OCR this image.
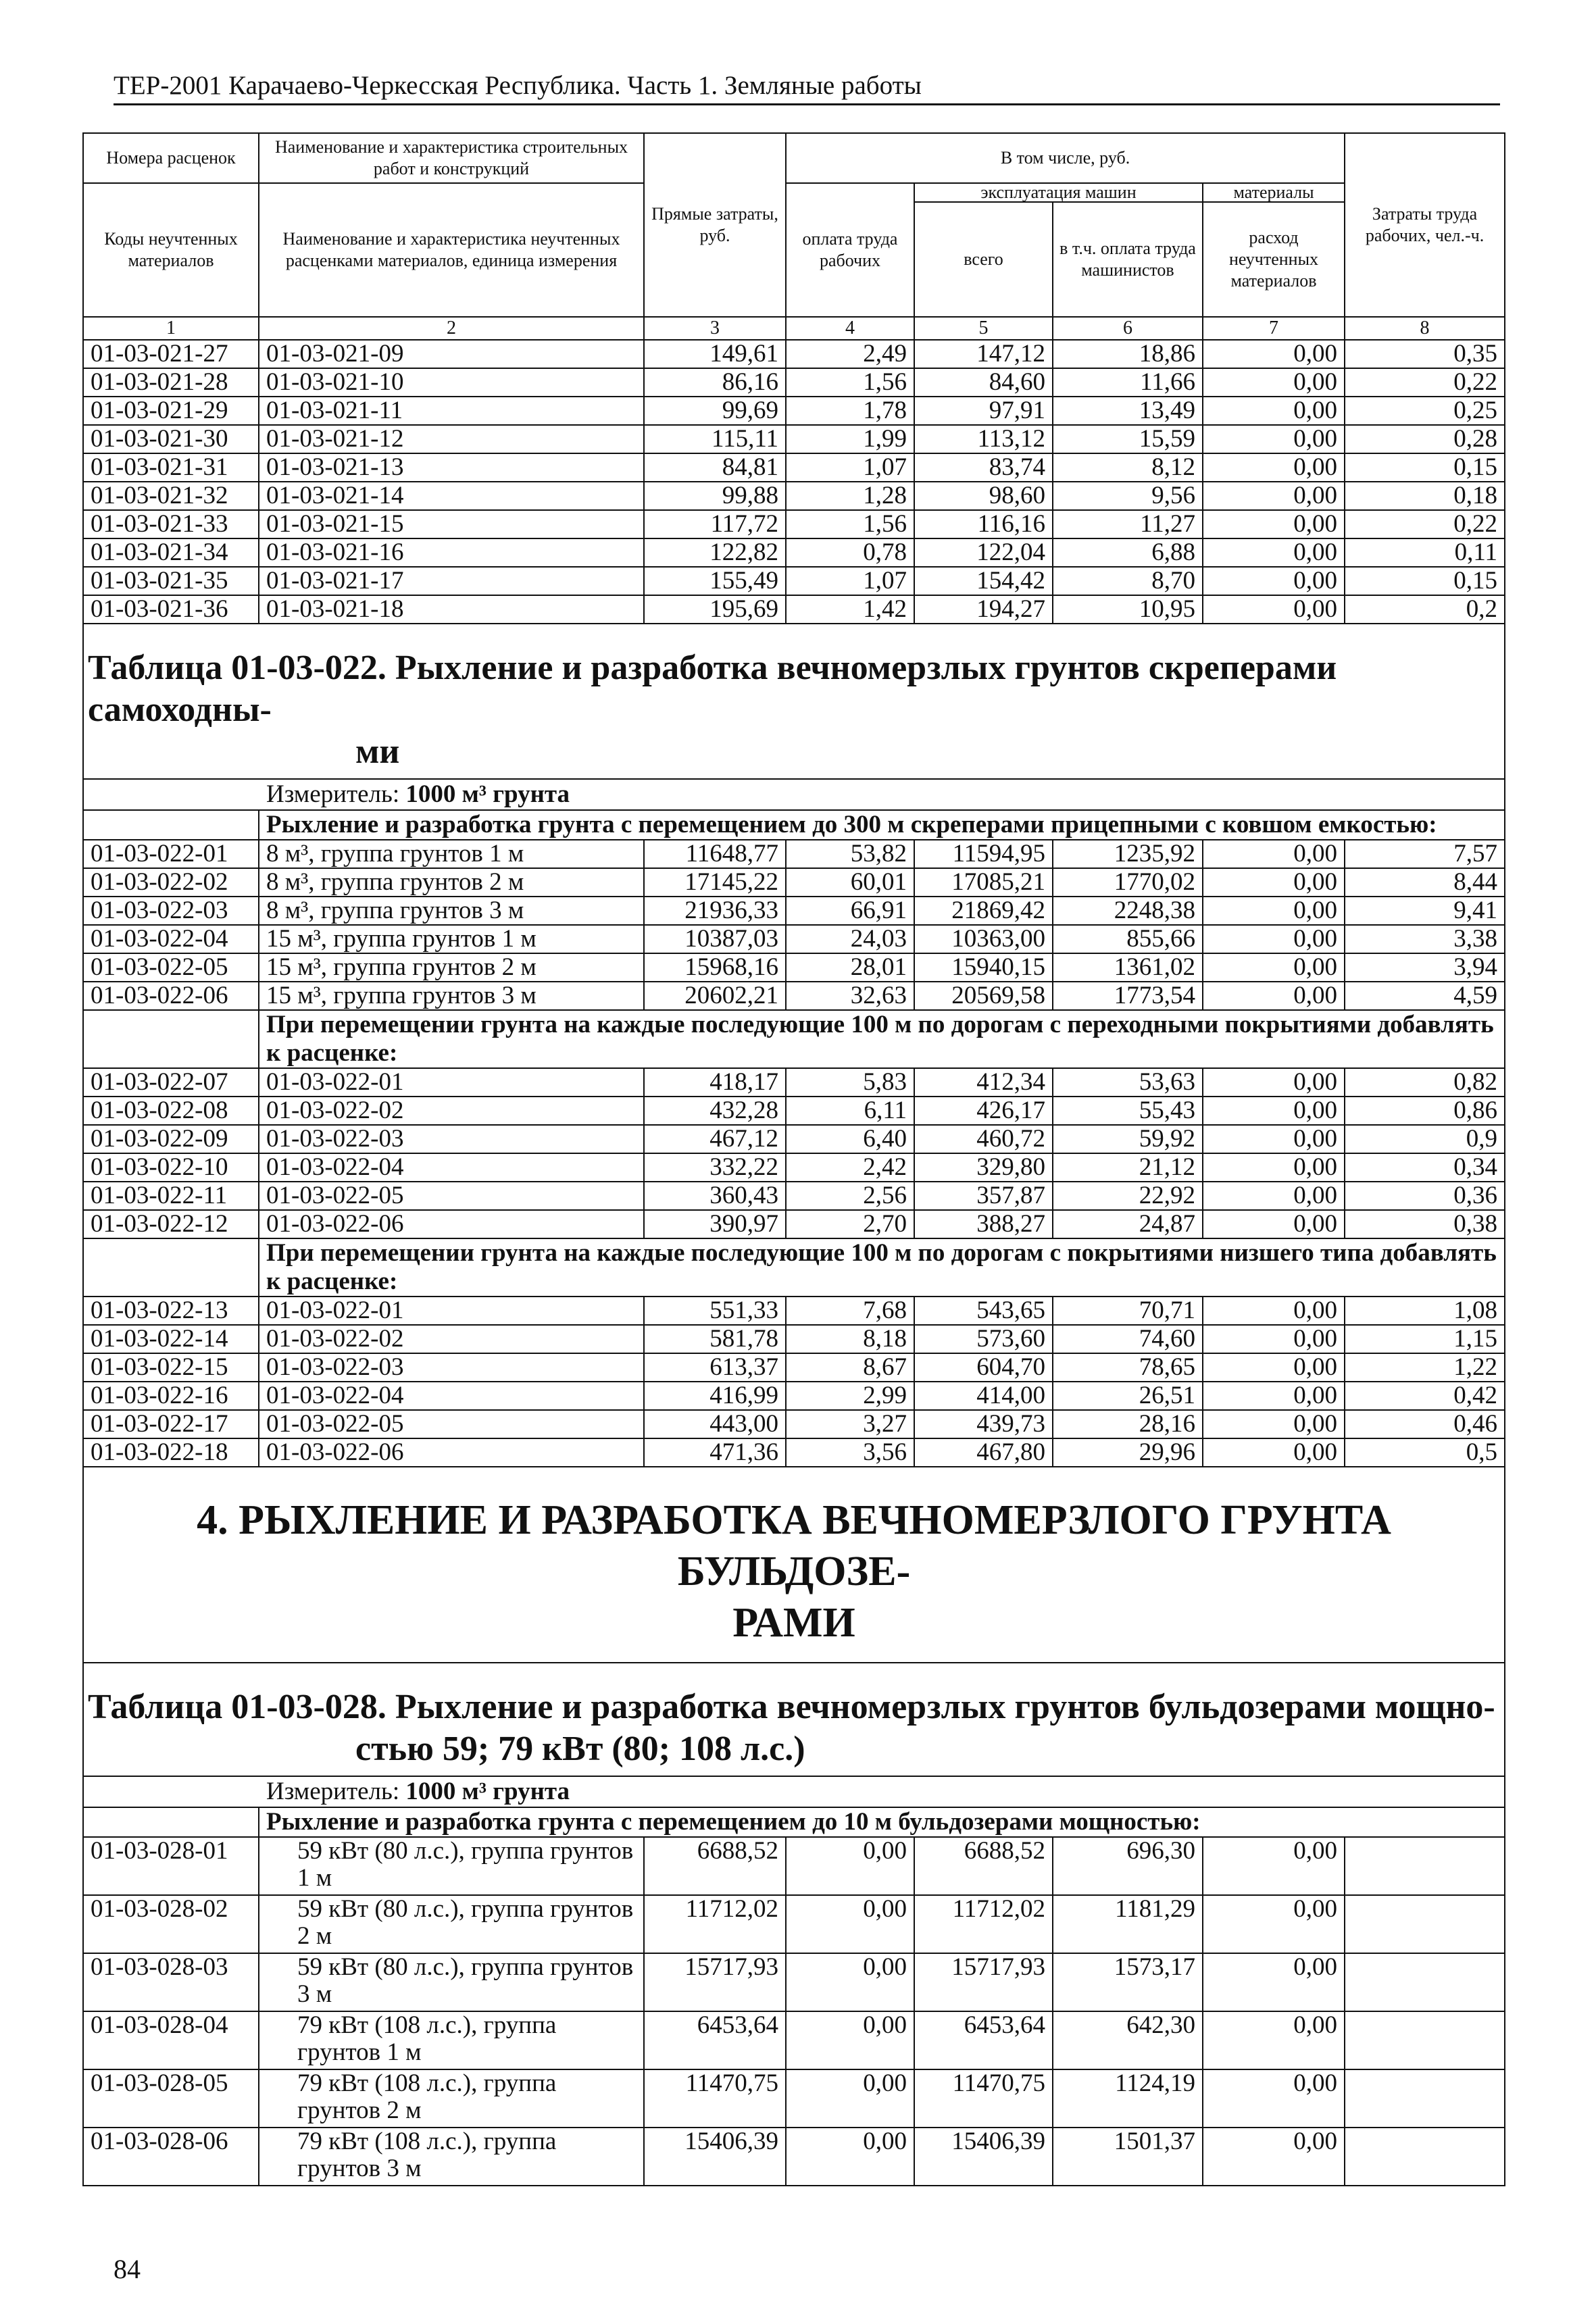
ТЕР-2001 Карачаево-Черкесская Республика. Часть 1. Земляные работы
Номера расценок	Наименование и характеристика строительных работ и конструкций	Прямые затраты, руб.	В том числе, руб.				Затраты труда рабочих, чел.-ч.
Коды неучтенных материалов	Наименование и характеристика неучтенных расценками материалов, единица измерения		оплата труда рабочих	эксплуатация машин		материалы	
				всего	в т.ч. оплата труда машинистов	расход неучтенных материалов	
1	2	3	4	5	6	7	8
01-03-021-27	01-03-021-09	149,61	2,49	147,12	18,86	0,00	0,35
01-03-021-28	01-03-021-10	86,16	1,56	84,60	11,66	0,00	0,22
01-03-021-29	01-03-021-11	99,69	1,78	97,91	13,49	0,00	0,25
01-03-021-30	01-03-021-12	115,11	1,99	113,12	15,59	0,00	0,28
01-03-021-31	01-03-021-13	84,81	1,07	83,74	8,12	0,00	0,15
01-03-021-32	01-03-021-14	99,88	1,28	98,60	9,56	0,00	0,18
01-03-021-33	01-03-021-15	117,72	1,56	116,16	11,27	0,00	0,22
01-03-021-34	01-03-021-16	122,82	0,78	122,04	6,88	0,00	0,11
01-03-021-35	01-03-021-17	155,49	1,07	154,42	8,70	0,00	0,15
01-03-021-36	01-03-021-18	195,69	1,42	194,27	10,95	0,00	0,2
Таблица 01-03-022. Рыхление и разработка вечномерзлых грунтов скреперами самоходны-
ми							

Измеритель: 1000 м³ грунта							
	Рыхление и разработка грунта с перемещением до 300 м скреперами прицепными с ковшом емкостью:						
01-03-022-01	8 м³, группа грунтов 1 м	11648,77	53,82	11594,95	1235,92	0,00	7,57
01-03-022-02	8 м³, группа грунтов 2 м	17145,22	60,01	17085,21	1770,02	0,00	8,44
01-03-022-03	8 м³, группа грунтов 3 м	21936,33	66,91	21869,42	2248,38	0,00	9,41
01-03-022-04	15 м³, группа грунтов 1 м	10387,03	24,03	10363,00	855,66	0,00	3,38
01-03-022-05	15 м³, группа грунтов 2 м	15968,16	28,01	15940,15	1361,02	0,00	3,94
01-03-022-06	15 м³, группа грунтов 3 м	20602,21	32,63	20569,58	1773,54	0,00	4,59
	При перемещении грунта на каждые последующие 100 м по дорогам с переходными покрытиями добавлять к расценке:						
01-03-022-07	01-03-022-01	418,17	5,83	412,34	53,63	0,00	0,82
01-03-022-08	01-03-022-02	432,28	6,11	426,17	55,43	0,00	0,86
01-03-022-09	01-03-022-03	467,12	6,40	460,72	59,92	0,00	0,9
01-03-022-10	01-03-022-04	332,22	2,42	329,80	21,12	0,00	0,34
01-03-022-11	01-03-022-05	360,43	2,56	357,87	22,92	0,00	0,36
01-03-022-12	01-03-022-06	390,97	2,70	388,27	24,87	0,00	0,38
	При перемещении грунта на каждые последующие 100 м по дорогам с покрытиями низшего типа добавлять к расценке:						
01-03-022-13	01-03-022-01	551,33	7,68	543,65	70,71	0,00	1,08
01-03-022-14	01-03-022-02	581,78	8,18	573,60	74,60	0,00	1,15
01-03-022-15	01-03-022-03	613,37	8,67	604,70	78,65	0,00	1,22
01-03-022-16	01-03-022-04	416,99	2,99	414,00	26,51	0,00	0,42
01-03-022-17	01-03-022-05	443,00	3,27	439,73	28,16	0,00	0,46
01-03-022-18	01-03-022-06	471,36	3,56	467,80	29,96	0,00	0,5
4. РЫХЛЕНИЕ И РАЗРАБОТКА ВЕЧНОМЕРЗЛОГО ГРУНТА БУЛЬДОЗЕ-
РАМИ							
Таблица 01-03-028. Рыхление и разработка вечномерзлых грунтов бульдозерами мощно-
стью 59; 79 кВт (80; 108 л.с.)							

Измеритель: 1000 м³ грунта							
	Рыхление и разработка грунта с перемещением до 10 м бульдозерами мощностью:						
01-03-028-01	59 кВт (80 л.с.), группа грунтов 1 м	6688,52	0,00	6688,52	696,30	0,00	
01-03-028-02	59 кВт (80 л.с.), группа грунтов 2 м	11712,02	0,00	11712,02	1181,29	0,00	
01-03-028-03	59 кВт (80 л.с.), группа грунтов 3 м	15717,93	0,00	15717,93	1573,17	0,00	
01-03-028-04	79 кВт (108 л.с.), группа грунтов 1 м	6453,64	0,00	6453,64	642,30	0,00	
01-03-028-05	79 кВт (108 л.с.), группа грунтов 2 м	11470,75	0,00	11470,75	1124,19	0,00	
01-03-028-06	79 кВт (108 л.с.), группа грунтов 3 м	15406,39	0,00	15406,39	1501,37	0,00	
84
